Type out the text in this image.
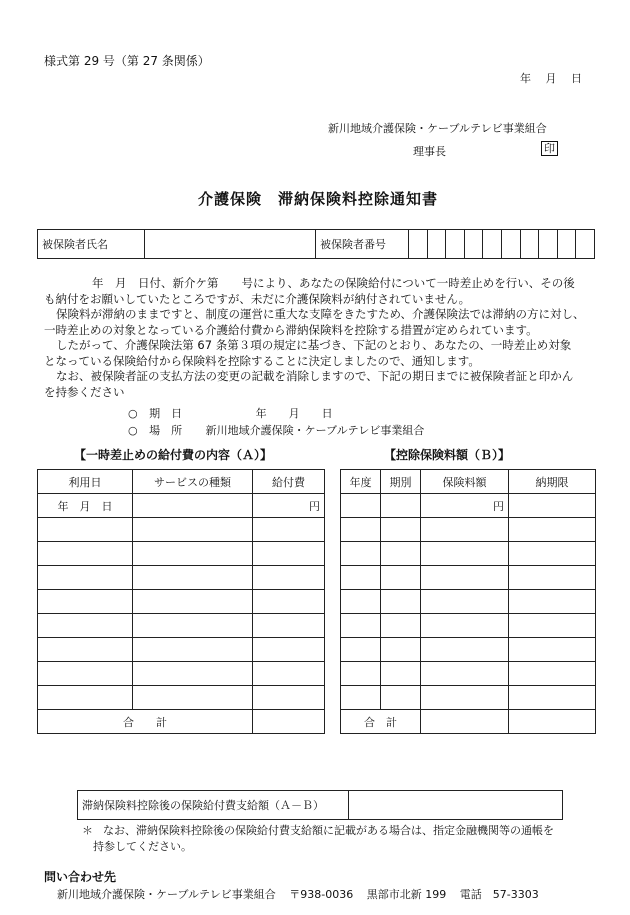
様式第 29 号（第 27 条関係）
年　 月　 日
新川地域介護保険・ケーブルテレビ事業組合
理事長	印
介護保険　滞納保険料控除通知書
被保険者氏名		被保険者番号										
年　月　日付、新介ケ第　　号により、あなたの保険給付について一時差止めを行い、その後
も納付をお願いしていたところですが、未だに介護保険料が納付されていません。
保険料が滞納のままですと、制度の運営に重大な支障をきたすため、介護保険法では滞納の方に対し、
一時差止めの対象となっている介護給付費から滞納保険料を控除する措置が定められています。
したがって、介護保険法第 67 条第３項の規定に基づき、下記のとおり、あなたの、一時差止め対象
となっている保険給付から保険料を控除することに決定しましたので、通知します。
なお、被保険者証の支払方法の変更の記載を消除しますので、下記の期日までに被保険者証と印かん
を持参ください
○ 期　日	年　　月　　日
○ 場　所 新川地域介護保険・ケーブルテレビ事業組合
【一時差止めの給付費の内容（Ａ）】	【控除保険料額（Ｂ）】
利用日	サービスの種類	給付費
年　月　日		円

合　　計		
年度	期別	保険料額	納期限
		円	

合　計			
滞納保険料控除後の保険給付費支給額（Ａ－Ｂ）	
＊ なお、滞納保険料控除後の保険給付費支給額に記載がある場合は、指定金融機関等の通帳を
持参してください。
問い合わせ先
新川地域介護保険・ケーブルテレビ事業組合 〒938-0036 黒部市北新 199 電話　57-3303
